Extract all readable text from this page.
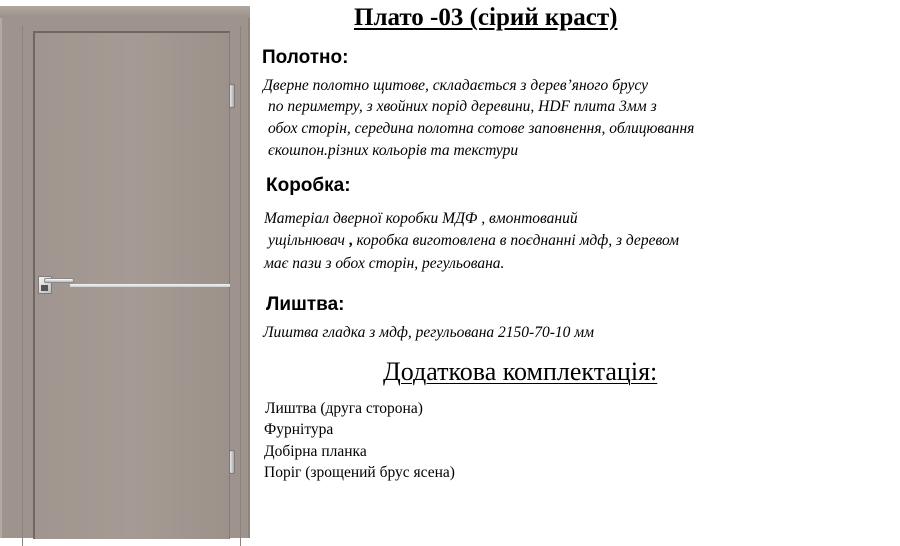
Плато -03 (сірий краст)
Полотно:
Дверне полотно щитове, складається з дерев’яного брусу
по периметру, з хвойних порід деревини, HDF плита 3мм з
обох сторін, середина полотна сотове заповнення, облицювання
єкошпон.різних кольорів та текстури
Коробка:
Матеріал дверної коробки МДФ , вмонтований
ущільнювач , коробка виготовлена в поєднанні мдф, з деревом
має пази з обох сторін, регульована.
Лиштва:
Лиштва гладка з мдф, регульована 2150-70-10 мм
Додаткова комплектація:
Лиштва (друга сторона)
Фурнітура
Добірна планка
Поріг (зрощений брус ясена)
